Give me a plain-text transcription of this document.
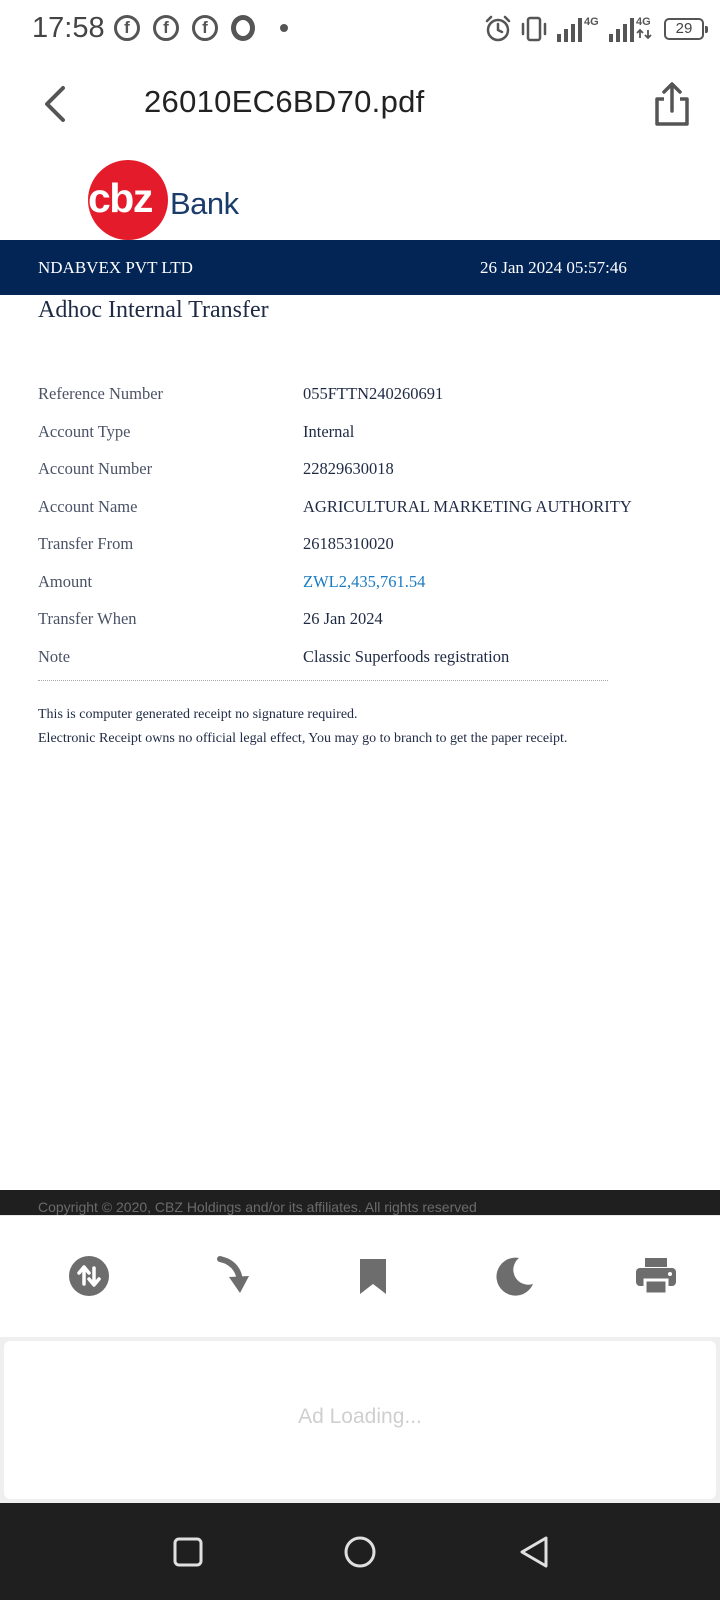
17:58	f	f	f	4G	4G	29
26010EC6BD70.pdf
cbz Bank
NDABVEX PVT LTD	26 Jan 2024 05:57:46
Adhoc Internal Transfer
Reference Number	055FTTN240260691
Account Type	Internal
Account Number	22829630018
Account Name	AGRICULTURAL MARKETING AUTHORITY
Transfer From	26185310020
Amount	ZWL2,435,761.54
Transfer When	26 Jan 2024
Note	Classic Superfoods registration
This is computer generated receipt no signature required.
Electronic Receipt owns no official legal effect, You may go to branch to get the paper receipt.
Copyright © 2020, CBZ Holdings and/or its affiliates. All rights reserved
Ad Loading...
